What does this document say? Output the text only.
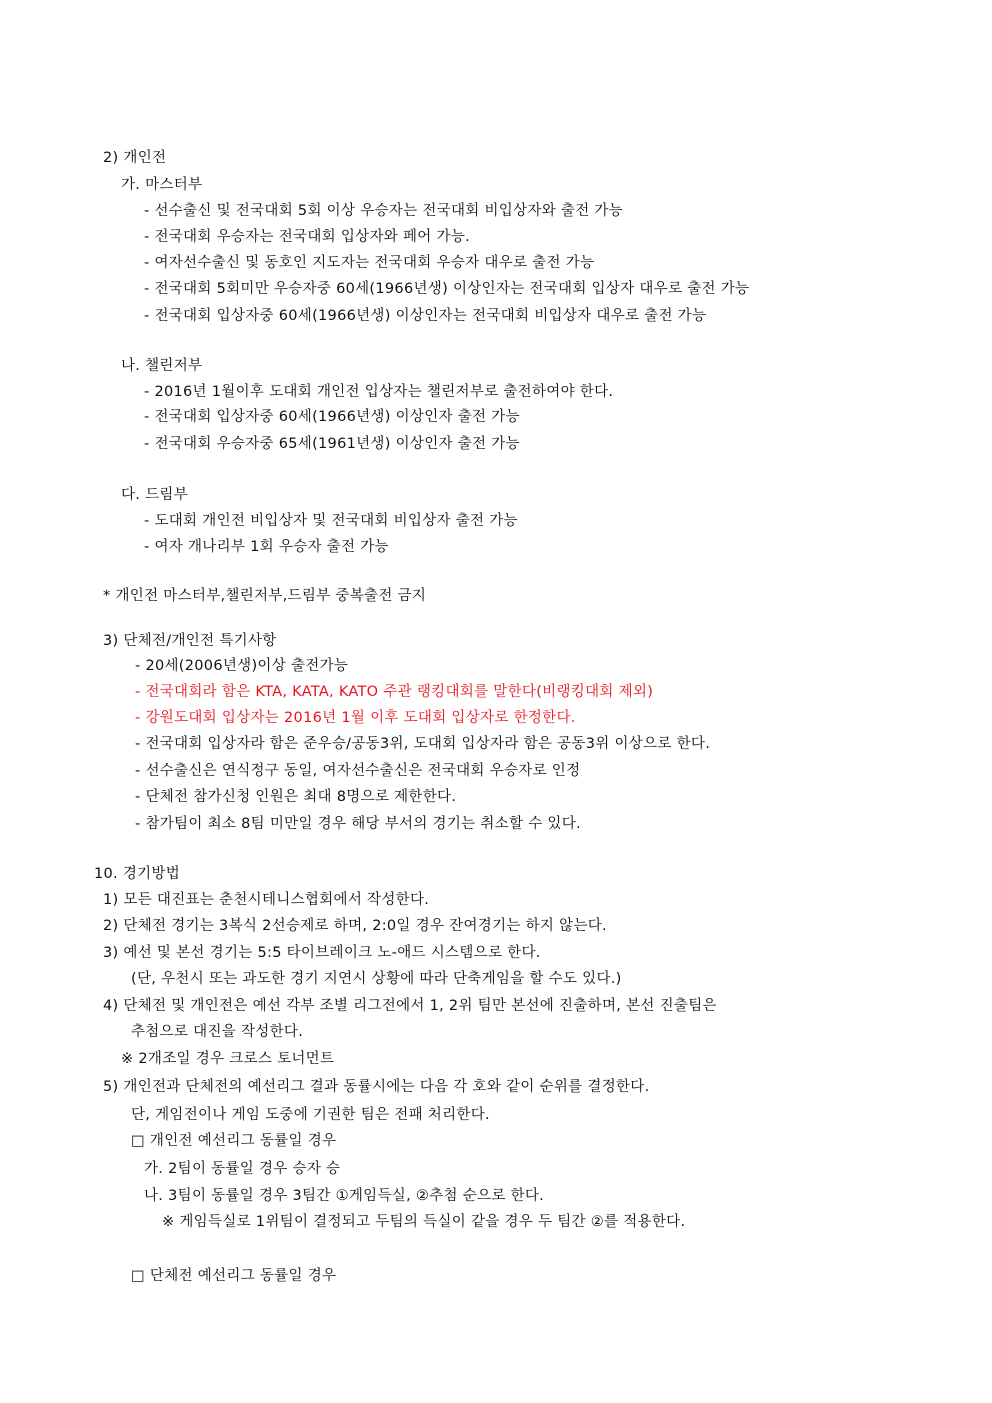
2) 개인전
가. 마스터부
- 선수출신 및 전국대회 5회 이상 우승자는 전국대회 비입상자와 출전 가능
- 전국대회 우승자는 전국대회 입상자와 페어 가능.
- 여자선수출신 및 동호인 지도자는 전국대회 우승자 대우로 출전 가능
- 전국대회 5회미만 우승자중 60세(1966년생) 이상인자는 전국대회 입상자 대우로 출전 가능
- 전국대회 입상자중 60세(1966년생) 이상인자는 전국대회 비입상자 대우로 출전 가능
나. 챌린저부
- 2016년 1월이후 도대회 개인전 입상자는 챌린저부로 출전하여야 한다.
- 전국대회 입상자중 60세(1966년생) 이상인자 출전 가능
- 전국대회 우승자중 65세(1961년생) 이상인자 출전 가능
다. 드림부
- 도대회 개인전 비입상자 및 전국대회 비입상자 출전 가능
- 여자 개나리부 1회 우승자 출전 가능
* 개인전 마스터부,챌린저부,드림부 중복출전 금지
3) 단체전/개인전 특기사항
- 20세(2006년생)이상 출전가능
- 전국대회라 함은 KTA, KATA, KATO 주관 랭킹대회를 말한다(비랭킹대회 제외)
- 강원도대회 입상자는 2016년 1월 이후 도대회 입상자로 한정한다.
- 전국대회 입상자라 함은 준우승/공동3위, 도대회 입상자라 함은 공동3위 이상으로 한다.
- 선수출신은 연식정구 동일, 여자선수출신은 전국대회 우승자로 인정
- 단체전 참가신청 인원은 최대 8명으로 제한한다.
- 참가팀이 최소 8팀 미만일 경우 해당 부서의 경기는 취소할 수 있다.
10. 경기방법
1) 모든 대진표는 춘천시테니스협회에서 작성한다.
2) 단체전 경기는 3복식 2선승제로 하며, 2:0일 경우 잔여경기는 하지 않는다.
3) 예선 및 본선 경기는 5:5 타이브레이크 노-애드 시스템으로 한다.
(단, 우천시 또는 과도한 경기 지연시 상황에 따라 단축게임을 할 수도 있다.)
4) 단체전 및 개인전은 예선 각부 조별 리그전에서 1, 2위 팀만 본선에 진출하며, 본선 진출팀은
추첨으로 대진을 작성한다.
※ 2개조일 경우 크로스 토너먼트
5) 개인전과 단체전의 예선리그 결과 동률시에는 다음 각 호와 같이 순위를 결정한다.
단, 게임전이나 게임 도중에 기권한 팀은 전패 처리한다.
□ 개인전 예선리그 동률일 경우
가. 2팀이 동률일 경우 승자 승
나. 3팀이 동률일 경우 3팀간 ①게임득실, ②추첨 순으로 한다.
※ 게임득실로 1위팀이 결정되고 두팀의 득실이 같을 경우 두 팀간 ②를 적용한다.
□ 단체전 예선리그 동률일 경우
